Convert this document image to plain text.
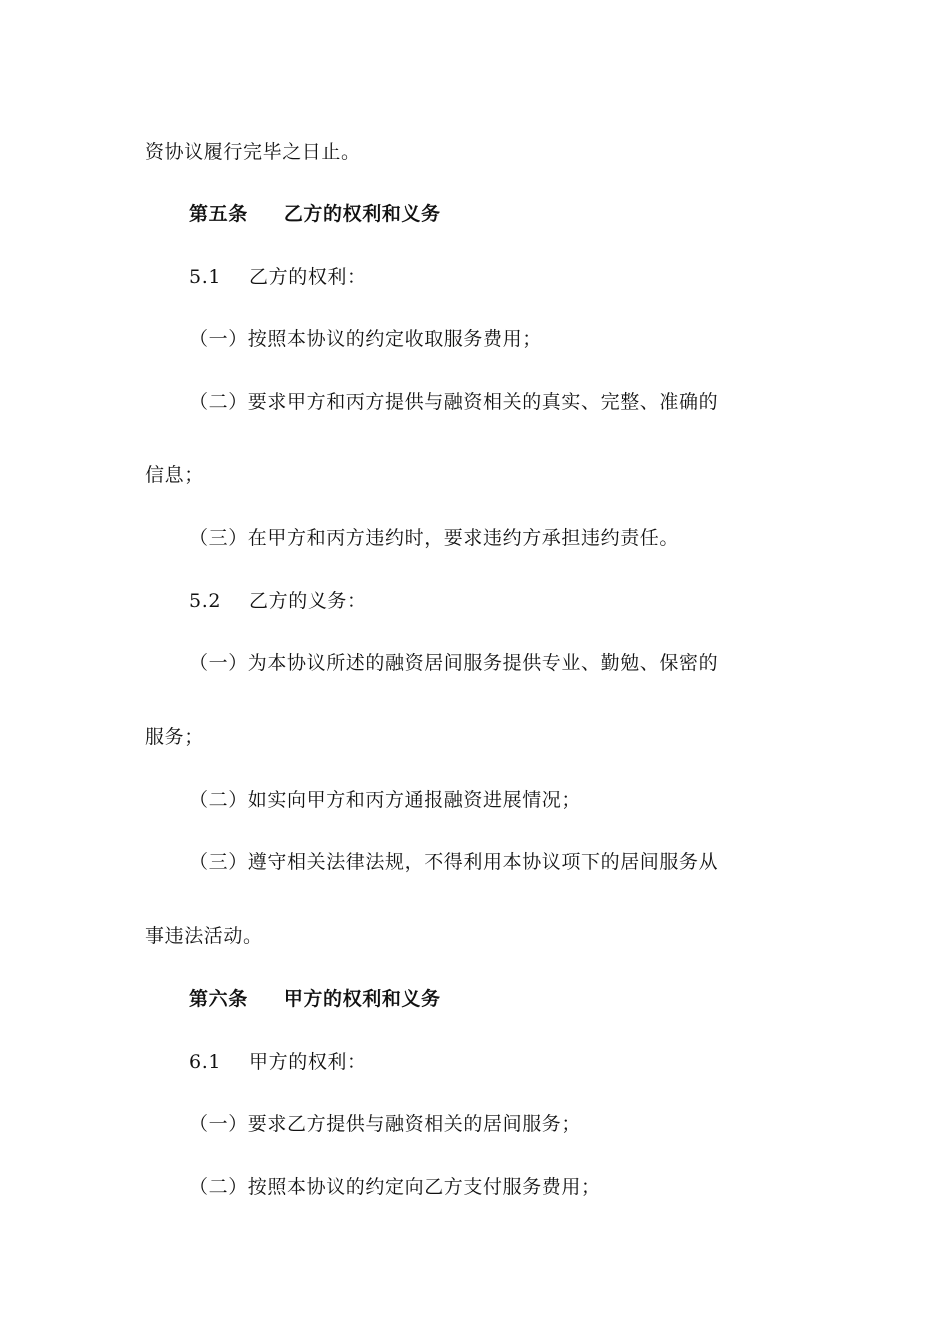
资协议履行完毕之日止。
第五条 乙方的权利和义务
5.1 乙方的权利：
（一）按照本协议的约定收取服务费用；
（二）要求甲方和丙方提供与融资相关的真实、完整、准确的
信息；
（三）在甲方和丙方违约时，要求违约方承担违约责任。
5.2 乙方的义务：
（一）为本协议所述的融资居间服务提供专业、勤勉、保密的
服务；
（二）如实向甲方和丙方通报融资进展情况；
（三）遵守相关法律法规，不得利用本协议项下的居间服务从
事违法活动。
第六条 甲方的权利和义务
6.1 甲方的权利：
（一）要求乙方提供与融资相关的居间服务；
（二）按照本协议的约定向乙方支付服务费用；
